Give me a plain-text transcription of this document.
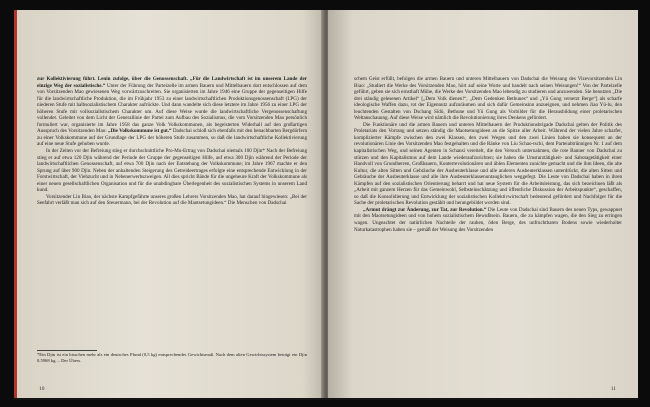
zur Kollektivierung führt. Lenin zufolge, über die Genossenschaft. „Für die Landwirtschaft ist im unserem Lande der einzige Weg der sozialistische.“ Unter der Führung der Parteizelle im armen Bauern und Mittelbauern dort entschlossen auf dem von Vorsitzenden Mao gewiesenen Weg vorwärtzuschreiten. Sie organisierten im Jahre 1946 eine Gruppe der gegenseitigen Hilfe für die landwirtschaftliche Produktion, die im Frühjahr 1953 zu einer landwirtschaftlichen Produktionsgenossenschaft (LPG) der niederen Stufe mit halbsozialistischem Charakter aufrückte. Und dann wandelte sich diese letztere im Jahre 1956 zu einer LPG der höheren Stufe mit vollsozialistischem Charakter um. Auf diese Weise wurde die landwirtschaftliche Vergenossenschaftung vollendet. Geleitet von dem Licht der Generallinie der Partei zum Aufbau des Sozialismus, die vom Vorsitzenden Mao persönlich formuliert war, organisierte im Jahre 1958 das ganze Volk Volkskommunen, als begeisterten Widerhall auf den großartigen Ausspruch des Vorsitzenden Mao: „Die Volkskommune ist gut.“ Dadschai schloß sich ebenfalls mit den benachbarten Bergdörfern zu einer Volkskommune auf der Grundlage der LPG der höheren Stufe zusammen, so daß die landwirtschaftliche Kollektivierung auf eine neue Stufe gehoben wurde.

In der Zeiten vor der Befreiung stieg er durchschnittliche Pro-Mu-Ertrag von Dadschai niemals 100 Djin* Nach der Befreiung stieg er auf etwa 120 Djin während der Periode der Gruppe der gegenseitigen Hilfe, auf etwa 300 Djin während der Periode der landwirtschaftlichen Genossenschaft, auf etwa 700 Djin nach der Entstehung der Volkskommune; im Jahre 1967 machte er den Sprung auf über 900 Djin. Neben der anhaltenden Steigerung des Getreideertrages erfolgte eine entsprechende Entwicklung in der Forstwirtschaft, der Viehzucht und in Nebenerwerbszweigen. All dies spricht Bände für die ungeheure Kraft der Volkskommune als einer neuen gesellschaftlichen Organisation und für die unabdingbare Überlegenheit des sozialistischen Systems in unserem Land kund.

Vorsitzender Lin Biao, der nächste Kampfgefährte unseres großen Lehrers Vorsitzenden Mao, hat darauf hingewiesen: „Bei der Seefahrt verläßt man sich auf den Steuermann, bei der Revolution auf die Maotsetungideen.“ Die Menschen von Dadschai

*Ein Djin ist ein bisschen mehr als ein deutsches Pfund (0,5 kg) entsprechendes Gewichtsmaß. Nach dem alten Gewichtssystem beträgt ein Djin 0,5968 kg. – Der Übers.
10

schem Geist erfüllt, befolgen die armen Bauern und unteren Mittelbauern von Dadschai die Weisung des Vizevorsitzenden Lin Biao: „Studiert die Werke des Vorsitzenden Mao, hört auf seine Worte und handelt nach seinen Weisungen!“ Von der Parteizelle geführt, geben sie sich ernsthaft Mühe, die Werke des Vorsitzenden Mao lebendig zu studieren und anzuwenden. Sie benutzen „Die drei ständig gelesenen Artikel“ [„Dem Volk dienen!“, „Dem Gedenken Bethunes“ und „Yü Gung versetzt Berge“] als scharfe ideologische Waffen dazu, rot der Eigennutz aufzuräumen und sich dafür Gemeinsinn anzueignen, und nehmen Jiao Yü-lu, den leuchtenden Gestalten von Dschang Sïdö, Bethune und Yü Gung als Vorbilder für die Herausbildung einer proletarischen Weltanschauung. Auf diese Weise wird nämlich die Revolutionierung ihres Denkens gefördert.

Die Funktionäre und die armen Bauern und unteren Mittelbauern der Produktionsbrigade Dadschai gelten der Politik des Proletariats den Vorrang und setzen ständig die Maotsetungideen an die Spitze aller Arbeit. Während der vielen Jahre scharfer, komplizierter Kämpfe zwischen den zwei Klassen, den zwei Wegen und den zwei Linien haben sie konsequent an der revolutionären Linie des Vorsitzenden Mao festgehalten und die Ränke von Liu Schao-tschi, dem Parteiabtrünnigen Nr. 1 auf dem kapitalistischen Weg, und seinen Agenten in Schansi vereitelt, die den Versuch unternahmen, die rote Banner von Dadschai zu stürzen und den Kapitalismus auf dem Lande wiederaufzurichten; sie haben die Umsturztätigkeit- und Sabotagetätigkeit einer Handvoll von Grundherren, Großbauern, Konterrevolutionären und üblen Elementen zunichte gemacht und die ihm Ideen, die alte Kultur, die alten Sitten und Gebräuche der Ausbeuterklasse und alle anderen Ausbeuterklassen unterdrückt, die alten Sitten und Gebräuche der Ausbeuterklasse und alle ihre Ausbeuterklassenuntauglichen weggefegt. Die Leute von Dadschai haben in ihren Kämpfen auf den sozialistischen Orientierung beharrt und hat neue System für die Arbeitsleistung, das sich bezeichnen läßt als „Arbeit mit ganzem Herzen für das Gemeinwohl, Selbsteinschätzung und öffentliche Diskussion der Arbeitspunkte“, geschaffen, so daß die Konsolidierung und Entwicklung der sozialistischen Kollektivwirtschaft bedeutend gefördert und Nachfolger für die Sache der proletarischen Revolution gestählt und herangebildet worden sind.

„Armut drängt zur Änderung, zur Tat, zur Revolution.“ Die Leute von Dadschai sind Bauern des neuen Typs, gewappnet mit den Maotsetungideen und von hohem sozialistischem Bewußtsein. Bauern, die zu kämpfen wagen, die den Sieg zu erringen wagen. Ungeachtet der natürlichen Nachteile der rauhen, öden Berge, des unfruchtbaren Bodens sowie wiederholter Naturkatastrophen haben sie – gemäß der Weisung des Vorsitzenden

11
